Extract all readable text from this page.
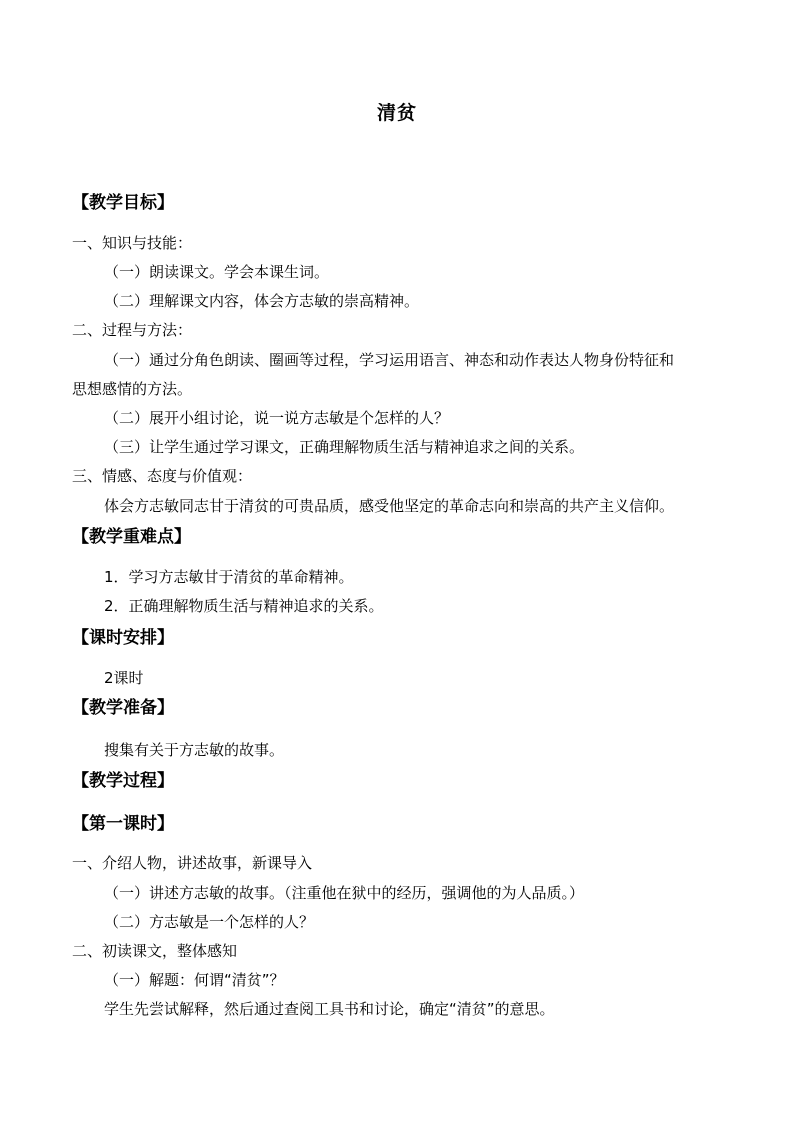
清贫
【教学目标】
一、知识与技能：
（一）朗读课文。学会本课生词。
（二）理解课文内容，体会方志敏的崇高精神。
二、过程与方法：
（一）通过分角色朗读、圈画等过程，学习运用语言、神态和动作表达人物身份特征和
思想感情的方法。
（二）展开小组讨论，说一说方志敏是个怎样的人？
（三）让学生通过学习课文，正确理解物质生活与精神追求之间的关系。
三、情感、态度与价值观：
体会方志敏同志甘于清贫的可贵品质，感受他坚定的革命志向和崇高的共产主义信仰。
【教学重难点】
1．学习方志敏甘于清贫的革命精神。
2．正确理解物质生活与精神追求的关系。
【课时安排】
2课时
【教学准备】
搜集有关于方志敏的故事。
【教学过程】
【第一课时】
一、介绍人物，讲述故事，新课导入
（一）讲述方志敏的故事。（注重他在狱中的经历，强调他的为人品质。）
（二）方志敏是一个怎样的人？
二、初读课文，整体感知
（一）解题：何谓“清贫”？
学生先尝试解释，然后通过查阅工具书和讨论，确定“清贫”的意思。
